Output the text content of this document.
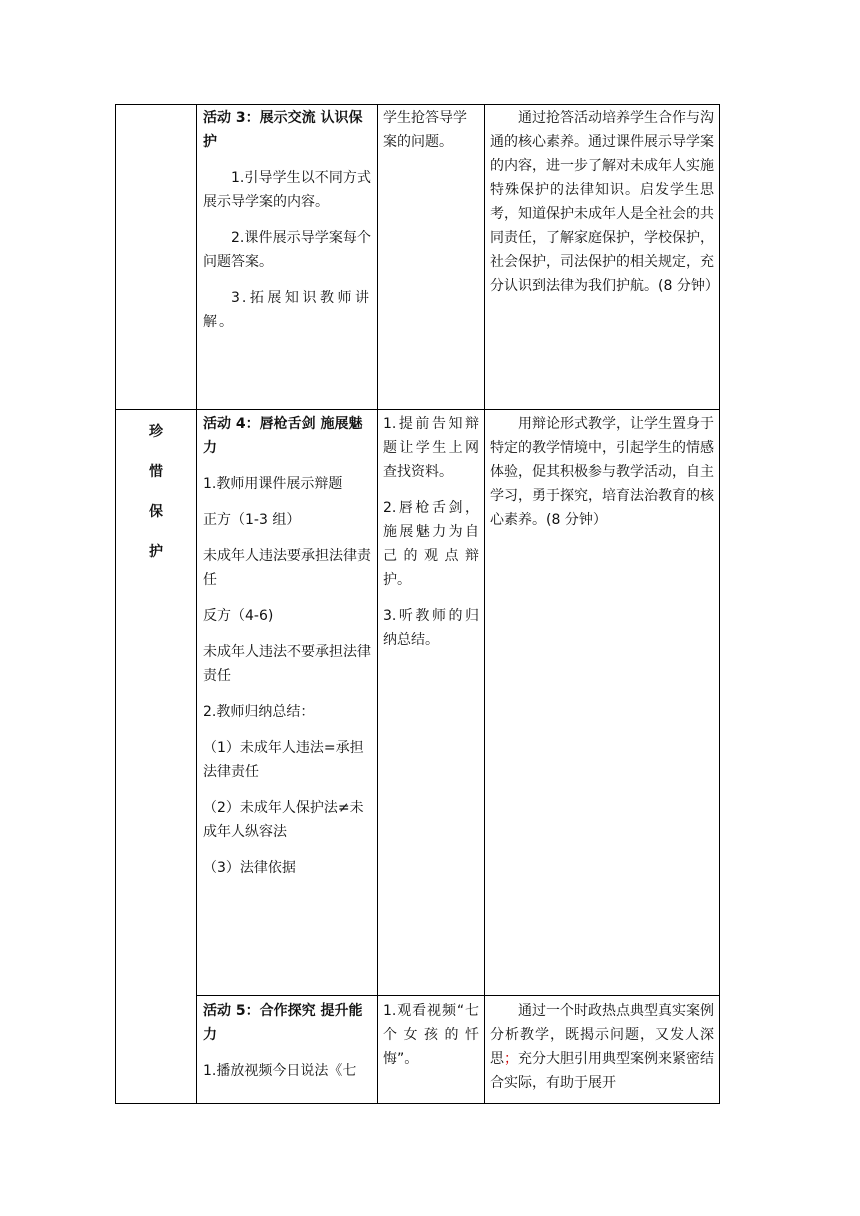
珍
惜
保
护

活动 3：展示交流 认识保护

1.引导学生以不同方式展示导学案的内容。

2.课件展示导学案每个问题答案。

3.拓展知识教师讲解。

学生抢答导学案的问题。

通过抢答活动培养学生合作与沟通的核心素养。通过课件展示导学案的内容，进一步了解对未成年人实施特殊保护的法律知识。启发学生思考，知道保护未成年人是全社会的共同责任，了解家庭保护，学校保护，社会保护，司法保护的相关规定，充分认识到法律为我们护航。(8 分钟）

活动 4：唇枪舌剑 施展魅力

1.教师用课件展示辩题

正方（1-3 组）

未成年人违法要承担法律责任

反方（4-6)

未成年人违法不要承担法律责任

2.教师归纳总结：

（1）未成年人违法=承担法律责任

（2）未成年人保护法≠未成年人纵容法

（3）法律依据

1.提前告知辩题让学生上网查找资料。

2.唇枪舌剑，施展魅力为自己的观点辩护。

3.听教师的归纳总结。

用辩论形式教学，让学生置身于特定的教学情境中，引起学生的情感体验，促其积极参与教学活动，自主学习，勇于探究，培育法治教育的核心素养。(8 分钟）

活动 5：合作探究 提升能力

1.播放视频今日说法《七

1.观看视频“七个女孩的忏悔”。

通过一个时政热点典型真实案例分析教学，既揭示问题，又发人深思；充分大胆引用典型案例来紧密结合实际，有助于展开
